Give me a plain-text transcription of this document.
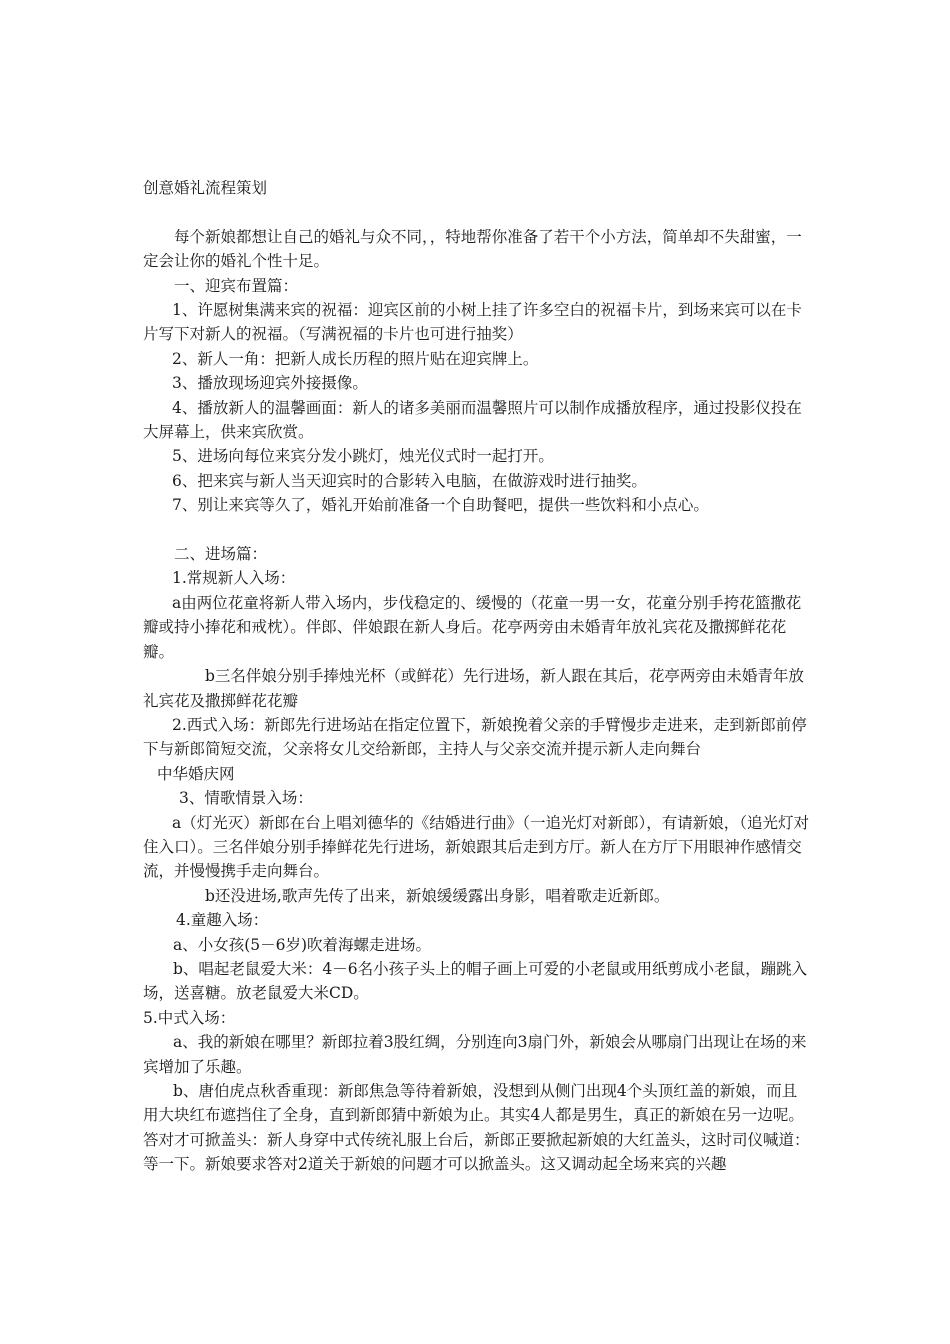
创意婚礼流程策划

每个新娘都想让自己的婚礼与众不同，，特地帮你准备了若干个小方法，简单却不失甜蜜，一定会让你的婚礼个性十足。

一、迎宾布置篇：

1、许愿树集满来宾的祝福：迎宾区前的小树上挂了许多空白的祝福卡片，到场来宾可以在卡片写下对新人的祝福。（写满祝福的卡片也可进行抽奖）

2、新人一角：把新人成长历程的照片贴在迎宾牌上。

3、播放现场迎宾外接摄像。

4、播放新人的温馨画面：新人的诸多美丽而温馨照片可以制作成播放程序，通过投影仪投在大屏幕上，供来宾欣赏。

5、进场向每位来宾分发小跳灯，烛光仪式时一起打开。

6、把来宾与新人当天迎宾时的合影转入电脑，在做游戏时进行抽奖。

7、别让来宾等久了，婚礼开始前准备一个自助餐吧，提供一些饮料和小点心。

二、进场篇：

1.常规新人入场：

a由两位花童将新人带入场内，步伐稳定的、缓慢的（花童一男一女，花童分别手挎花篮撒花瓣或持小捧花和戒枕）。伴郎、伴娘跟在新人身后。花亭两旁由未婚青年放礼宾花及撒掷鲜花花瓣。

b三名伴娘分别手捧烛光杯（或鲜花）先行进场，新人跟在其后，花亭两旁由未婚青年放礼宾花及撒掷鲜花花瓣

2.西式入场：新郎先行进场站在指定位置下，新娘挽着父亲的手臂慢步走进来，走到新郎前停下与新郎简短交流，父亲将女儿交给新郎，主持人与父亲交流并提示新人走向舞台

中华婚庆网

3、情歌情景入场：

a（灯光灭）新郎在台上唱刘德华的《结婚进行曲》（一追光灯对新郎），有请新娘，（追光灯对住入口）。三名伴娘分别手捧鲜花先行进场，新娘跟其后走到方厅。新人在方厅下用眼神作感情交流，并慢慢携手走向舞台。

b还没进场,歌声先传了出来，新娘缓缓露出身影，唱着歌走近新郎。

4.童趣入场：

a、小女孩(5－6岁)吹着海螺走进场。

b、唱起老鼠爱大米：4－6名小孩子头上的帽子画上可爱的小老鼠或用纸剪成小老鼠，蹦跳入场，送喜糖。放老鼠爱大米CD。

5.中式入场：

a、我的新娘在哪里？新郎拉着3股红绸，分别连向3扇门外，新娘会从哪扇门出现让在场的来宾增加了乐趣。

b、唐伯虎点秋香重现：新郎焦急等待着新娘，没想到从侧门出现4个头顶红盖的新娘，而且用大块红布遮挡住了全身，直到新郎猜中新娘为止。其实4人都是男生，真正的新娘在另一边呢。答对才可掀盖头：新人身穿中式传统礼服上台后，新郎正要掀起新娘的大红盖头，这时司仪喊道：等一下。新娘要求答对2道关于新娘的问题才可以掀盖头。这又调动起全场来宾的兴趣
